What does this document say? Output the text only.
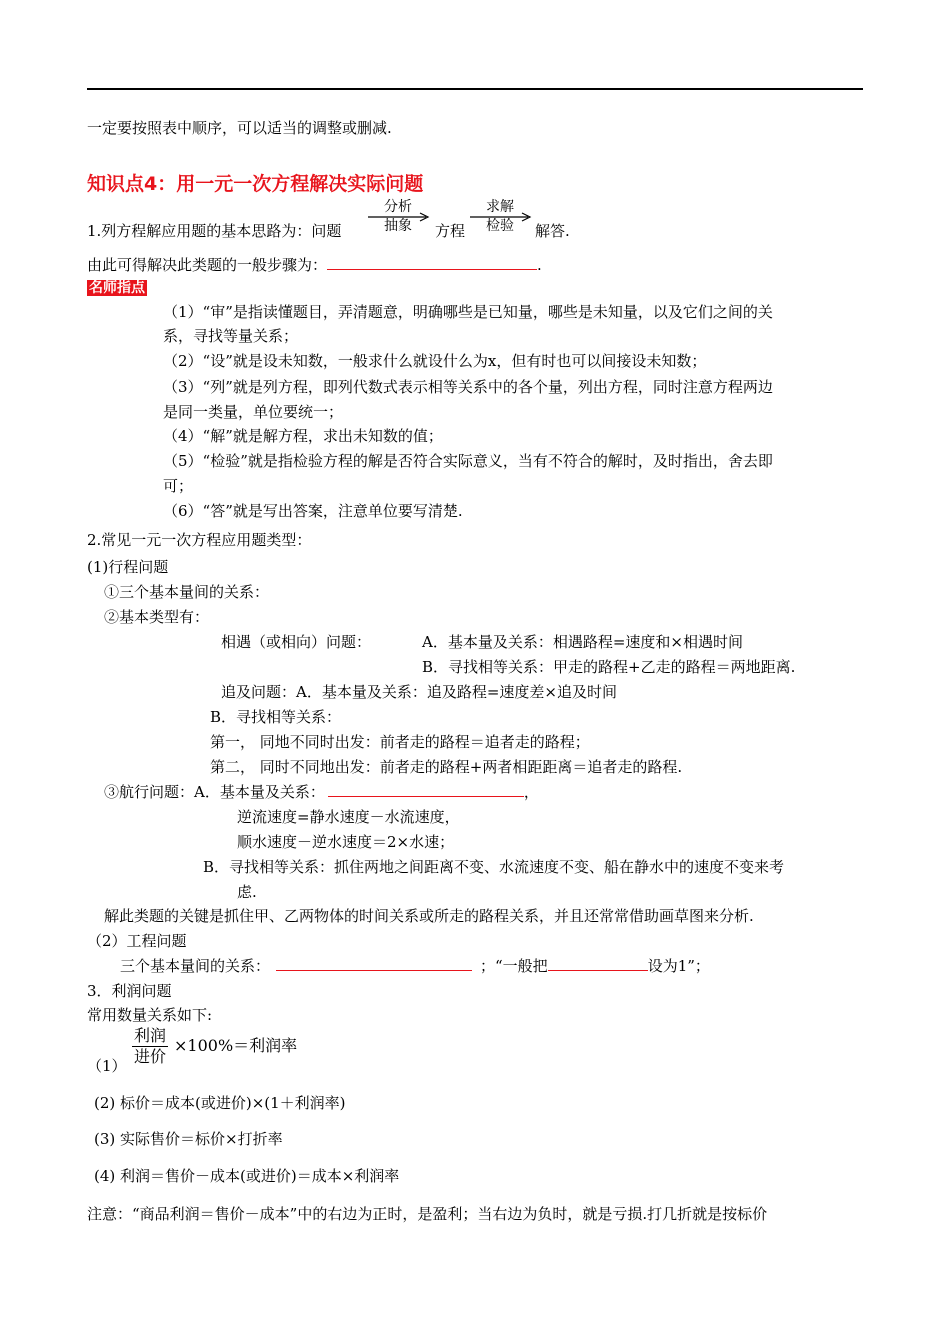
一定要按照表中顺序，可以适当的调整或删减.
知识点4：用一元一次方程解决实际问题
1.列方程解应用题的基本思路为：问题
分析
抽象 方程
求解
检验 解答.
由此可得解决此类题的一般步骤为：	.
名师指点
（1）“审”是指读懂题目，弄清题意，明确哪些是已知量，哪些是未知量，以及它们之间的关
系，寻找等量关系；
（2）“设”就是设未知数，一般求什么就设什么为x，但有时也可以间接设未知数；
（3）“列”就是列方程，即列代数式表示相等关系中的各个量，列出方程，同时注意方程两边
是同一类量，单位要统一；
（4）“解”就是解方程，求出未知数的值；
（5）“检验”就是指检验方程的解是否符合实际意义，当有不符合的解时，及时指出，舍去即
可；
（6）“答”就是写出答案，注意单位要写清楚.
2.常见一元一次方程应用题类型：
(1)行程问题
①三个基本量间的关系：
②基本类型有：
相遇（或相向）问题：	A．基本量及关系：相遇路程=速度和×相遇时间
B．寻找相等关系：甲走的路程+乙走的路程＝两地距离.
追及问题：A．基本量及关系：追及路程=速度差×追及时间
B．寻找相等关系：
第一， 同地不同时出发：前者走的路程＝追者走的路程；
第二， 同时不同地出发：前者走的路程+两者相距距离＝追者走的路程.
③航行问题：A．基本量及关系：	，
逆流速度=静水速度－水流速度，
顺水速度－逆水速度＝2×水速；
B．寻找相等关系：抓住两地之间距离不变、水流速度不变、船在静水中的速度不变来考
虑.
解此类题的关键是抓住甲、乙两物体的时间关系或所走的路程关系，并且还常常借助画草图来分析.
（2）工程问题
三个基本量间的关系：	；“一般把	设为1”；
3．利润问题
常用数量关系如下:
利润
进价
×100%＝利润率
（1）
(2) 标价＝成本(或进价)×(1＋利润率)
(3) 实际售价＝标价×打折率
(4) 利润＝售价－成本(或进价)＝成本×利润率
注意：“商品利润＝售价－成本”中的右边为正时，是盈利；当右边为负时，就是亏损.打几折就是按标价
